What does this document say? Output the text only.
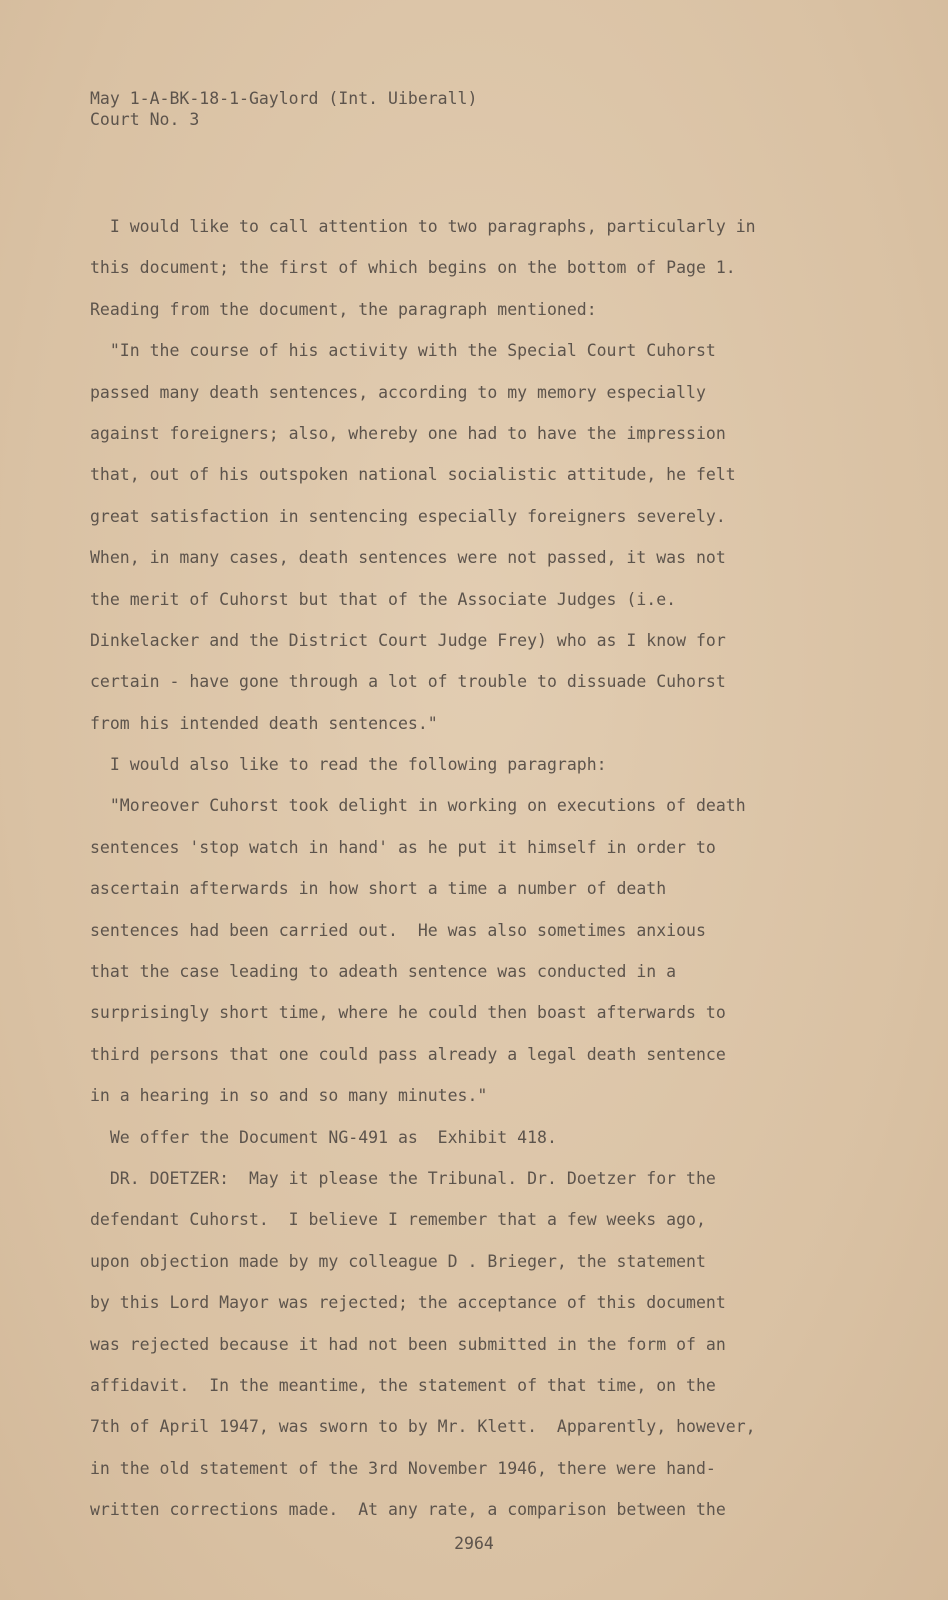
May 1-A-BK-18-1-Gaylord (Int. Uiberall)
Court No. 3
I would like to call attention to two paragraphs, particularly in
this document; the first of which begins on the bottom of Page 1.
Reading from the document, the paragraph mentioned:
"In the course of his activity with the Special Court Cuhorst
passed many death sentences, according to my memory especially
against foreigners; also, whereby one had to have the impression
that, out of his outspoken national socialistic attitude, he felt
great satisfaction in sentencing especially foreigners severely.
When, in many cases, death sentences were not passed, it was not
the merit of Cuhorst but that of the Associate Judges (i.e.
Dinkelacker and the District Court Judge Frey) who as I know for
certain - have gone through a lot of trouble to dissuade Cuhorst
from his intended death sentences."
I would also like to read the following paragraph:
"Moreover Cuhorst took delight in working on executions of death
sentences 'stop watch in hand' as he put it himself in order to
ascertain afterwards in how short a time a number of death
sentences had been carried out.  He was also sometimes anxious
that the case leading to adeath sentence was conducted in a
surprisingly short time, where he could then boast afterwards to
third persons that one could pass already a legal death sentence
in a hearing in so and so many minutes."
We offer the Document NG-491 as  Exhibit 418.
DR. DOETZER:  May it please the Tribunal. Dr. Doetzer for the
defendant Cuhorst.  I believe I remember that a few weeks ago,
upon objection made by my colleague D . Brieger, the statement
by this Lord Mayor was rejected; the acceptance of this document
was rejected because it had not been submitted in the form of an
affidavit.  In the meantime, the statement of that time, on the
7th of April 1947, was sworn to by Mr. Klett.  Apparently, however,
in the old statement of the 3rd November 1946, there were hand-
written corrections made.  At any rate, a comparison between the
2964
